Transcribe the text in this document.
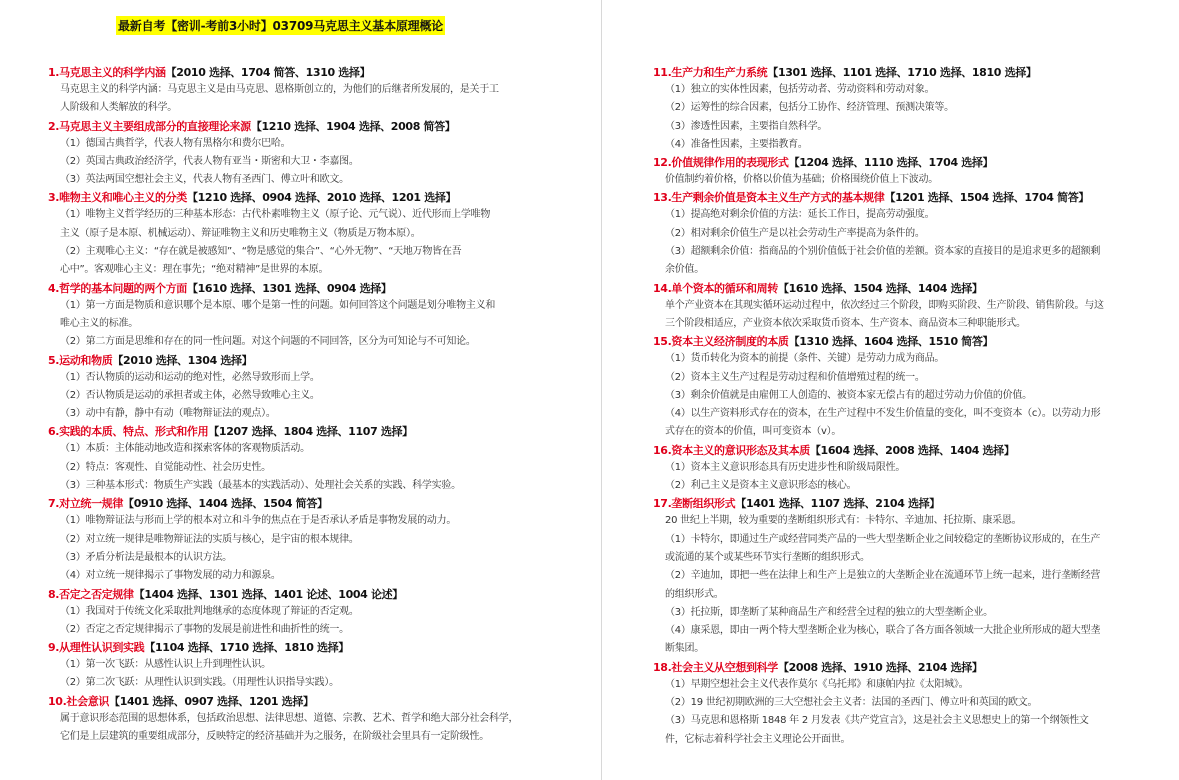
最新自考【密训-考前3小时】03709马克思主义基本原理概论
1.马克思主义的科学内涵【2010 选择、1704 简答、1310 选择】
马克思主义的科学内涵：马克思主义是由马克思、恩格斯创立的，为他们的后继者所发展的，是关于工
人阶级和人类解放的科学。
2.马克思主义主要组成部分的直接理论来源【1210 选择、1904 选择、2008 简答】
（1）德国古典哲学，代表人物有黑格尔和费尔巴哈。
（2）英国古典政治经济学，代表人物有亚当・斯密和大卫・李嘉图。
（3）英法两国空想社会主义，代表人物有圣西门、傅立叶和欧文。
3.唯物主义和唯心主义的分类【1210 选择、0904 选择、2010 选择、1201 选择】
（1）唯物主义哲学经历的三种基本形态：古代朴素唯物主义（原子论、元气说）、近代形而上学唯物
主义（原子是本原、机械运动）、辩证唯物主义和历史唯物主义（物质是万物本原）。
（2）主观唯心主义：“存在就是被感知”、“物是感觉的集合”、“心外无物”、“天地万物皆在吾
心中”。客观唯心主义：理在事先；“绝对精神”是世界的本原。
4.哲学的基本问题的两个方面【1610 选择、1301 选择、0904 选择】
（1）第一方面是物质和意识哪个是本原、哪个是第一性的问题。如何回答这个问题是划分唯物主义和
唯心主义的标准。
（2）第二方面是思维和存在的同一性问题。对这个问题的不同回答，区分为可知论与不可知论。
5.运动和物质【2010 选择、1304 选择】
（1）否认物质的运动和运动的绝对性，必然导致形而上学。
（2）否认物质是运动的承担者或主体，必然导致唯心主义。
（3）动中有静，静中有动（唯物辩证法的观点）。
6.实践的本质、特点、形式和作用【1207 选择、1804 选择、1107 选择】
（1）本质：主体能动地改造和探索客体的客观物质活动。
（2）特点：客观性、自觉能动性、社会历史性。
（3）三种基本形式：物质生产实践（最基本的实践活动）、处理社会关系的实践、科学实验。
7.对立统一规律【0910 选择、1404 选择、1504 简答】
（1）唯物辩证法与形而上学的根本对立和斗争的焦点在于是否承认矛盾是事物发展的动力。
（2）对立统一规律是唯物辩证法的实质与核心，是宇宙的根本规律。
（3）矛盾分析法是最根本的认识方法。
（4）对立统一规律揭示了事物发展的动力和源泉。
8.否定之否定规律【1404 选择、1301 选择、1401 论述、1004 论述】
（1）我国对于传统文化采取批判地继承的态度体现了辩证的否定观。
（2）否定之否定规律揭示了事物的发展是前进性和曲折性的统一。
9.从理性认识到实践【1104 选择、1710 选择、1810 选择】
（1）第一次飞跃：从感性认识上升到理性认识。
（2）第二次飞跃：从理性认识到实践。（用理性认识指导实践）。
10.社会意识【1401 选择、0907 选择、1201 选择】
属于意识形态范围的思想体系，包括政治思想、法律思想、道德、宗教、艺术、哲学和绝大部分社会科学，
它们是上层建筑的重要组成部分，反映特定的经济基础并为之服务，在阶级社会里具有一定阶级性。
11.生产力和生产力系统【1301 选择、1101 选择、1710 选择、1810 选择】
（1）独立的实体性因素，包括劳动者、劳动资料和劳动对象。
（2）运筹性的综合因素，包括分工协作、经济管理、预测决策等。
（3）渗透性因素，主要指自然科学。
（4）准备性因素，主要指教育。
12.价值规律作用的表现形式【1204 选择、1110 选择、1704 选择】
价值制约着价格，价格以价值为基础；价格围绕价值上下波动。
13.生产剩余价值是资本主义生产方式的基本规律【1201 选择、1504 选择、1704 简答】
（1）提高绝对剩余价值的方法：延长工作日，提高劳动强度。
（2）相对剩余价值生产是以社会劳动生产率提高为条件的。
（3）超额剩余价值：指商品的个别价值低于社会价值的差额。资本家的直接目的是追求更多的超额剩
余价值。
14.单个资本的循环和周转【1610 选择、1504 选择、1404 选择】
单个产业资本在其现实循环运动过程中，依次经过三个阶段，即购买阶段、生产阶段、销售阶段。与这
三个阶段相适应，产业资本依次采取货币资本、生产资本、商品资本三种职能形式。
15.资本主义经济制度的本质【1310 选择、1604 选择、1510 简答】
（1）货币转化为资本的前提（条件、关键）是劳动力成为商品。
（2）资本主义生产过程是劳动过程和价值增殖过程的统一。
（3）剩余价值就是由雇佣工人创造的、被资本家无偿占有的超过劳动力价值的价值。
（4）以生产资料形式存在的资本，在生产过程中不发生价值量的变化，叫不变资本（c）。以劳动力形
式存在的资本的价值，叫可变资本（v）。
16.资本主义的意识形态及其本质【1604 选择、2008 选择、1404 选择】
（1）资本主义意识形态具有历史进步性和阶级局限性。
（2）利己主义是资本主义意识形态的核心。
17.垄断组织形式【1401 选择、1107 选择、2104 选择】
20 世纪上半期，较为重要的垄断组织形式有：卡特尔、辛迪加、托拉斯、康采恩。
（1）卡特尔，即通过生产或经营同类产品的一些大型垄断企业之间较稳定的垄断协议形成的，在生产
或流通的某个或某些环节实行垄断的组织形式。
（2）辛迪加，即把一些在法律上和生产上是独立的大垄断企业在流通环节上统一起来，进行垄断经营
的组织形式。
（3）托拉斯，即垄断了某种商品生产和经营全过程的独立的大型垄断企业。
（4）康采恩，即由一两个特大型垄断企业为核心，联合了各方面各领域一大批企业所形成的超大型垄
断集团。
18.社会主义从空想到科学【2008 选择、1910 选择、2104 选择】
（1）早期空想社会主义代表作莫尔《乌托邦》和康帕内拉《太阳城》。
（2）19 世纪初期欧洲的三大空想社会主义者：法国的圣西门、傅立叶和英国的欧文。
（3）马克思和恩格斯 1848 年 2 月发表《共产党宣言》，这是社会主义思想史上的第一个纲领性文
件，它标志着科学社会主义理论公开面世。
